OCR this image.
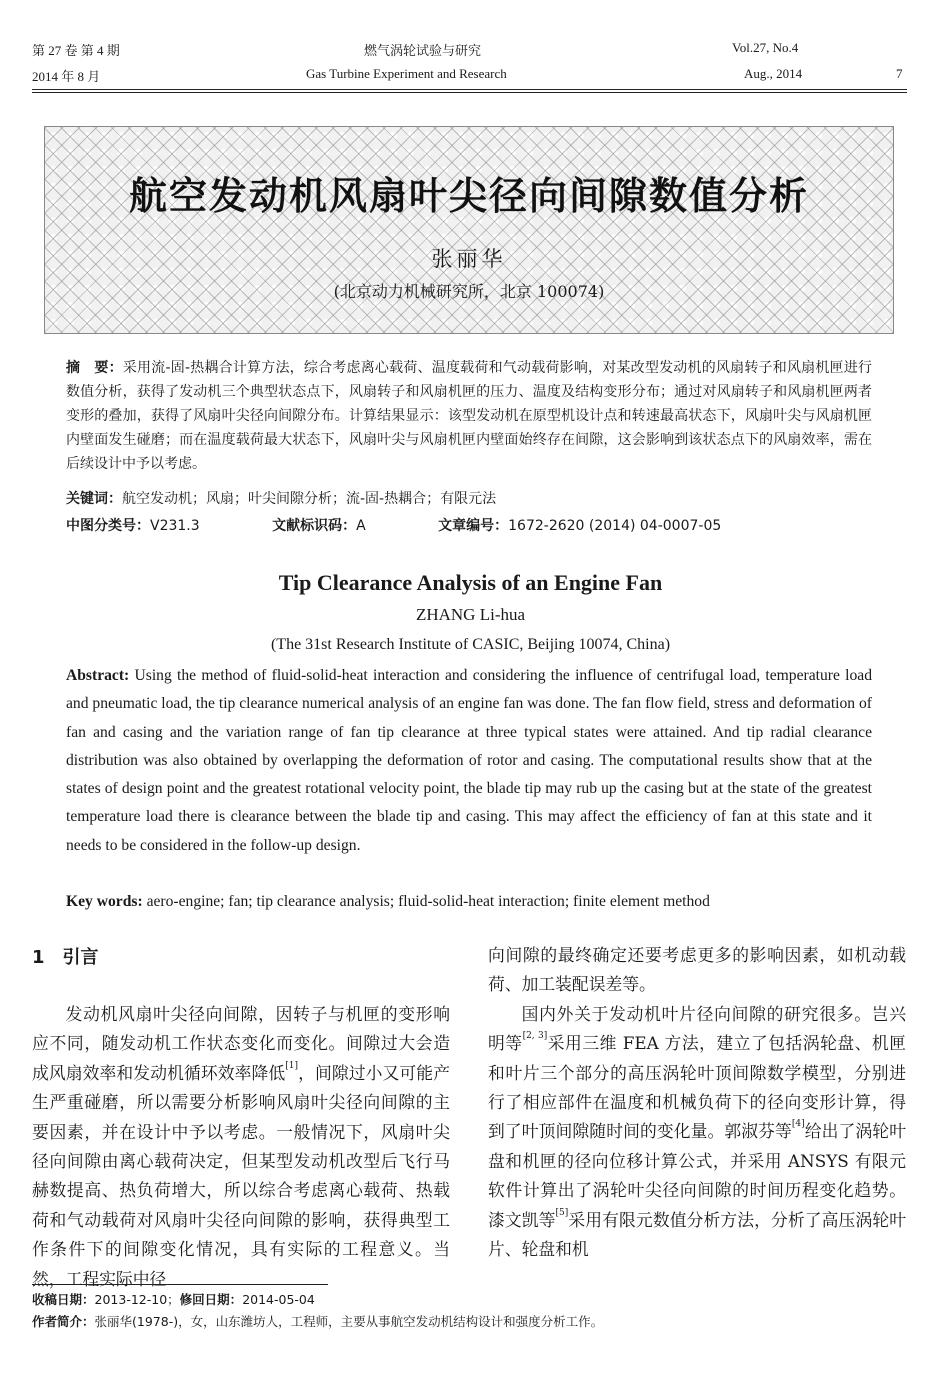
第 27 卷 第 4 期	燃气涡轮试验与研究	Vol.27, No.4
2014 年 8 月	Gas Turbine Experiment and Research	Aug., 2014	7
航空发动机风扇叶尖径向间隙数值分析
张丽华
(北京动力机械研究所，北京 100074)
摘　要：采用流-固-热耦合计算方法，综合考虑离心载荷、温度载荷和气动载荷影响，对某改型发动机的风扇转子和风扇机匣进行数值分析，获得了发动机三个典型状态点下，风扇转子和风扇机匣的压力、温度及结构变形分布；通过对风扇转子和风扇机匣两者变形的叠加，获得了风扇叶尖径向间隙分布。计算结果显示：该型发动机在原型机设计点和转速最高状态下，风扇叶尖与风扇机匣内壁面发生碰磨；而在温度载荷最大状态下，风扇叶尖与风扇机匣内壁面始终存在间隙，这会影响到该状态点下的风扇效率，需在后续设计中予以考虑。
关键词：航空发动机；风扇；叶尖间隙分析；流-固-热耦合；有限元法
中图分类号：V231.3	文献标识码：A	文章编号：1672-2620 (2014) 04-0007-05
Tip Clearance Analysis of an Engine Fan
ZHANG Li-hua
(The 31st Research Institute of CASIC, Beijing 10074, China)
Abstract: Using the method of fluid-solid-heat interaction and considering the influence of centrifugal load, temperature load and pneumatic load, the tip clearance numerical analysis of an engine fan was done. The fan flow field, stress and deformation of fan and casing and the variation range of fan tip clearance at three typical states were attained. And tip radial clearance distribution was also obtained by overlapping the deformation of rotor and casing. The computational results show that at the states of design point and the greatest rotational velocity point, the blade tip may rub up the casing but at the state of the greatest temperature load there is clearance between the blade tip and casing. This may affect the efficiency of fan at this state and it needs to be considered in the follow-up design.
Key words: aero-engine; fan; tip clearance analysis; fluid-solid-heat interaction; finite element method
1　引言

发动机风扇叶尖径向间隙，因转子与机匣的变形响应不同，随发动机工作状态变化而变化。间隙过大会造成风扇效率和发动机循环效率降低[1]，间隙过小又可能产生严重碰磨，所以需要分析影响风扇叶尖径向间隙的主要因素，并在设计中予以考虑。一般情况下，风扇叶尖径向间隙由离心载荷决定，但某型发动机改型后飞行马赫数提高、热负荷增大，所以综合考虑离心载荷、热载荷和气动载荷对风扇叶尖径向间隙的影响，获得典型工作条件下的间隙变化情况，具有实际的工程意义。当然，工程实际中径

向间隙的最终确定还要考虑更多的影响因素，如机动载荷、加工装配误差等。

国内外关于发动机叶片径向间隙的研究很多。岂兴明等[2, 3]采用三维 FEA 方法，建立了包括涡轮盘、机匣和叶片三个部分的高压涡轮叶顶间隙数学模型，分别进行了相应部件在温度和机械负荷下的径向变形计算，得到了叶顶间隙随时间的变化量。郭淑芬等[4]给出了涡轮叶盘和机匣的径向位移计算公式，并采用 ANSYS 有限元软件计算出了涡轮叶尖径向间隙的时间历程变化趋势。漆文凯等[5]采用有限元数值分析方法，分析了高压涡轮叶片、轮盘和机

收稿日期：2013-12-10；修回日期：2014-05-04
作者简介：张丽华(1978-)，女，山东潍坊人，工程师，主要从事航空发动机结构设计和强度分析工作。
